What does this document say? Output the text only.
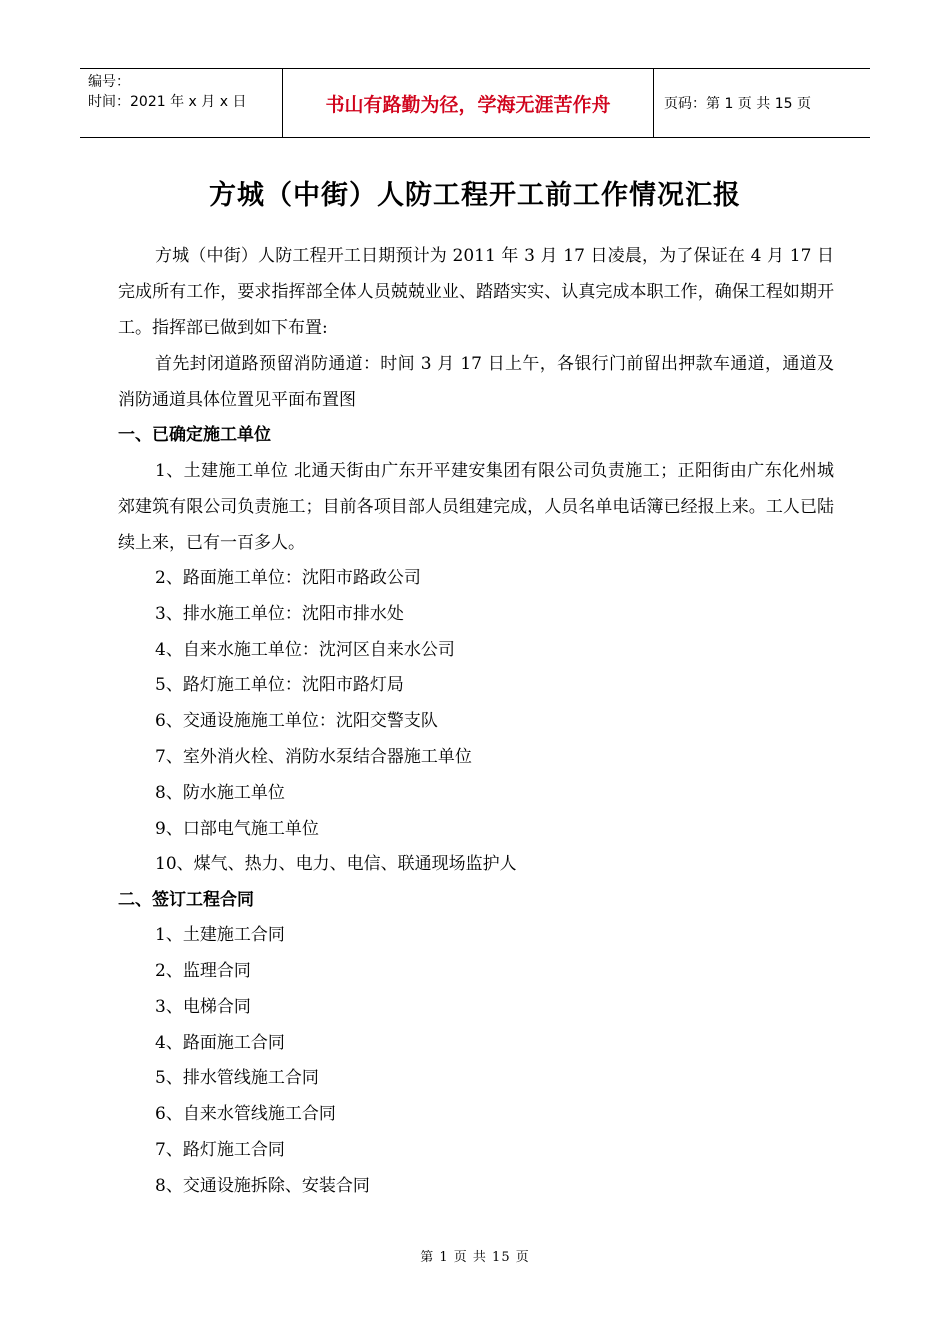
编号：
时间：2021 年 x 月 x 日	书山有路勤为径，学海无涯苦作舟	页码：第 1 页 共 15 页
方城（中街）人防工程开工前工作情况汇报

方城（中街）人防工程开工日期预计为 2011 年 3 月 17 日凌晨，为了保证在 4 月 17 日完成所有工作，要求指挥部全体人员兢兢业业、踏踏实实、认真完成本职工作，确保工程如期开工。指挥部已做到如下布置:

首先封闭道路预留消防通道：时间 3 月 17 日上午，各银行门前留出押款车通道，通道及消防通道具体位置见平面布置图

一、已确定施工单位

1、土建施工单位 北通天街由广东开平建安集团有限公司负责施工；正阳街由广东化州城郊建筑有限公司负责施工；目前各项目部人员组建完成，人员名单电话簿已经报上来。工人已陆续上来，已有一百多人。

2、路面施工单位：沈阳市路政公司

3、排水施工单位：沈阳市排水处

4、自来水施工单位：沈河区自来水公司

5、路灯施工单位：沈阳市路灯局

6、交通设施施工单位：沈阳交警支队

7、室外消火栓、消防水泵结合器施工单位

8、防水施工单位

9、口部电气施工单位

10、煤气、热力、电力、电信、联通现场监护人

二、签订工程合同

1、土建施工合同

2、监理合同

3、电梯合同

4、路面施工合同

5、排水管线施工合同

6、自来水管线施工合同

7、路灯施工合同

8、交通设施拆除、安装合同

第 1 页 共 15 页
